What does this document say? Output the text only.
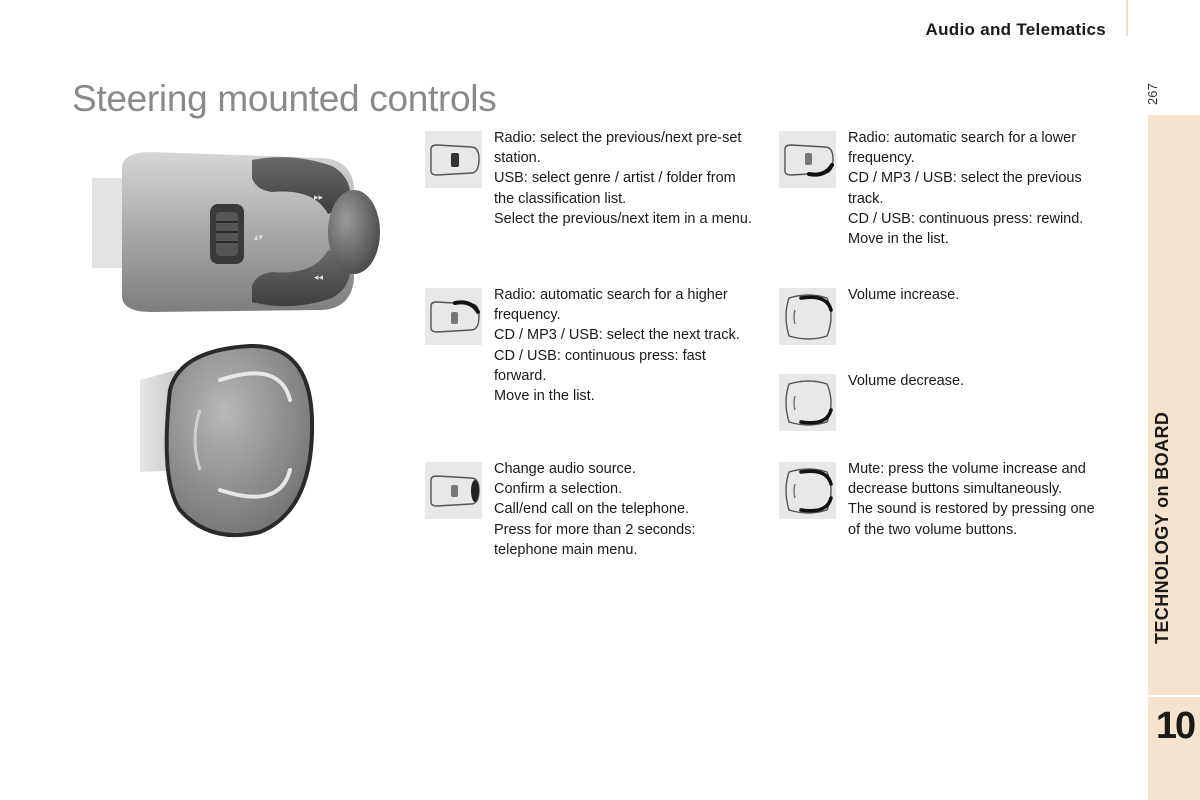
Audio and Telematics
267
Steering mounted controls
TECHNOLOGY on BOARD
10
▸▸
◂◂
▴▾

Radio: select the previous/next pre-set station.

USB: select genre / artist / folder from the classification list.

Select the previous/next item in a menu.

Radio: automatic search for a higher frequency.

CD / MP3 / USB: select the next track.

CD / USB: continuous press: fast forward.

Move in the list.

Change audio source.

Confirm a selection.

Call/end call on the telephone.

Press for more than 2 seconds: telephone main menu.

Radio: automatic search for a lower frequency.

CD / MP3 / USB: select the previous track.

CD / USB: continuous press: rewind.

Move in the list.

Volume increase.

Volume decrease.

Mute: press the volume increase and decrease buttons simultaneously.

The sound is restored by pressing one of the two volume buttons.
